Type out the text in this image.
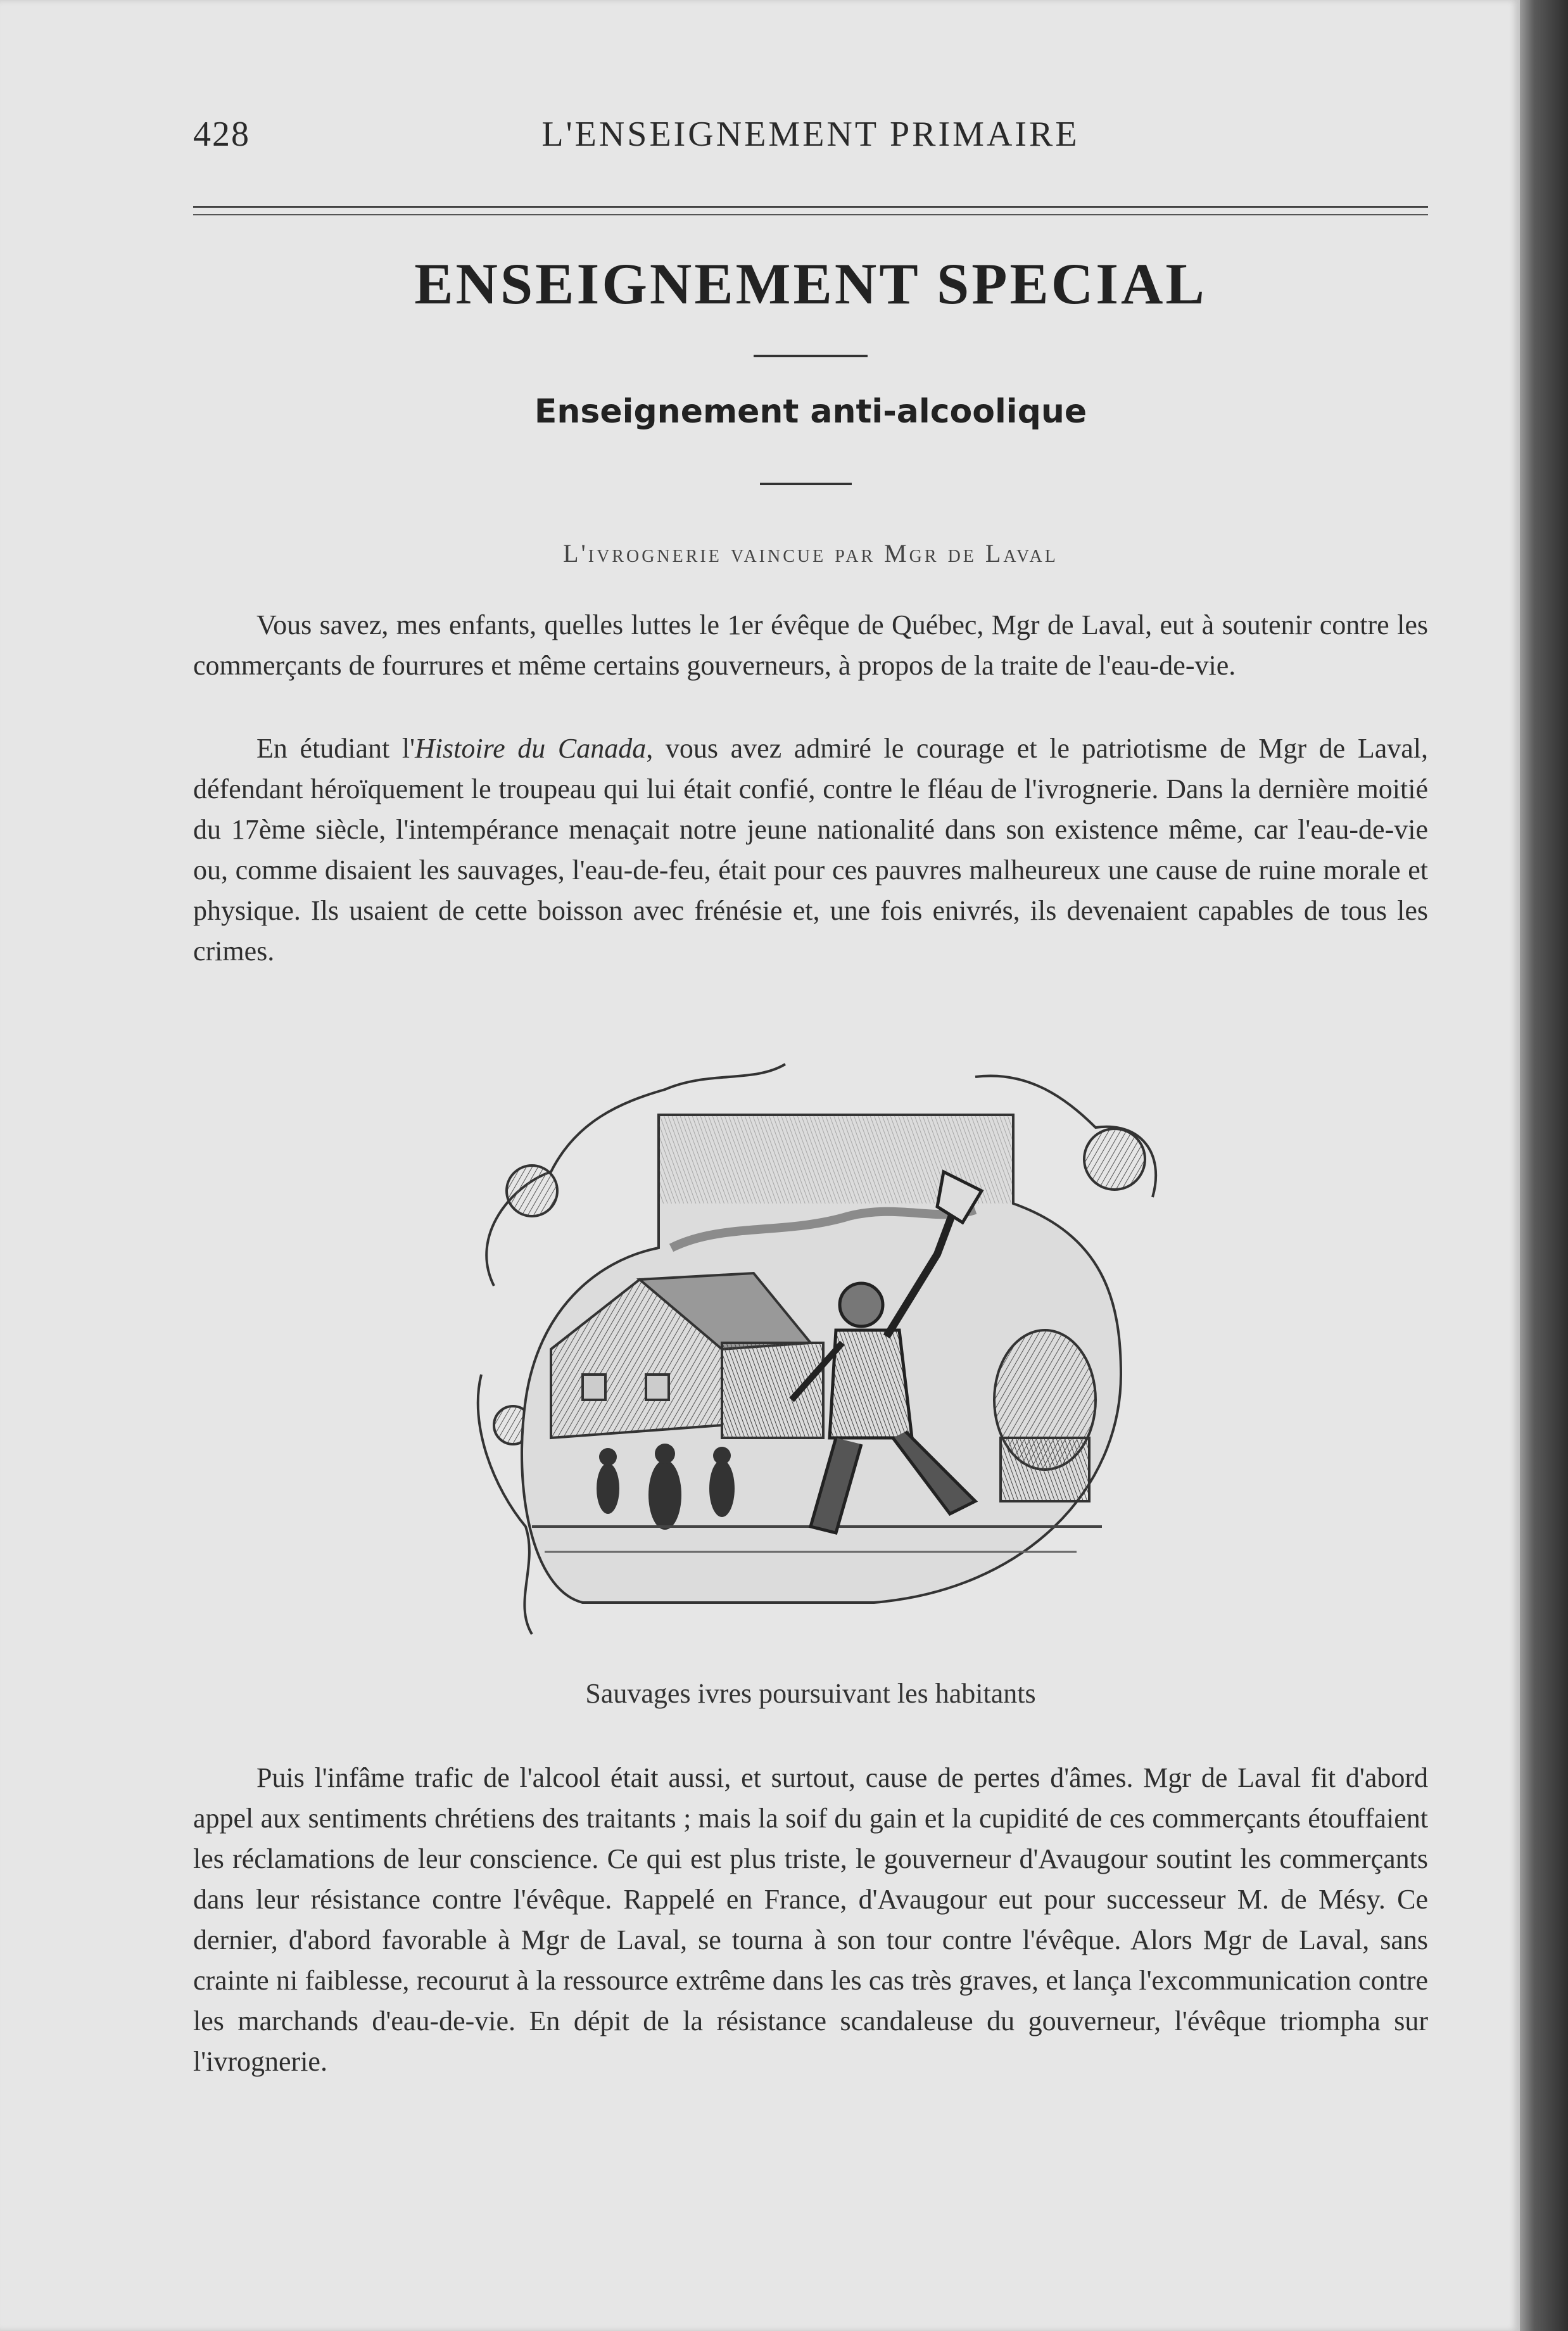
428	L'ENSEIGNEMENT PRIMAIRE
ENSEIGNEMENT SPECIAL
Enseignement anti-alcoolique
L'ivrognerie vaincue par Mgr de Laval

Vous savez, mes enfants, quelles luttes le 1er évêque de Québec, Mgr de Laval, eut à soutenir contre les commerçants de fourrures et même certains gouverneurs, à propos de la traite de l'eau-de-vie.

En étudiant l'Histoire du Canada, vous avez admiré le courage et le patriotisme de Mgr de Laval, défendant héroïquement le troupeau qui lui était confié, contre le fléau de l'ivrognerie. Dans la dernière moitié du 17ème siècle, l'intempérance menaçait notre jeune nationalité dans son existence même, car l'eau-de-vie ou, comme disaient les sauvages, l'eau-de-feu, était pour ces pauvres malheureux une cause de ruine morale et physique. Ils usaient de cette boisson avec frénésie et, une fois enivrés, ils devenaient capables de tous les crimes.

Sauvages ivres poursuivant les habitants

Puis l'infâme trafic de l'alcool était aussi, et surtout, cause de pertes d'âmes. Mgr de Laval fit d'abord appel aux sentiments chrétiens des traitants ; mais la soif du gain et la cupidité de ces commerçants étouffaient les réclamations de leur conscience. Ce qui est plus triste, le gouverneur d'Avaugour soutint les commerçants dans leur résistance contre l'évêque. Rappelé en France, d'Avaugour eut pour successeur M. de Mésy. Ce dernier, d'abord favorable à Mgr de Laval, se tourna à son tour contre l'évêque. Alors Mgr de Laval, sans crainte ni faiblesse, recourut à la ressource extrême dans les cas très graves, et lança l'excommunication contre les marchands d'eau-de-vie. En dépit de la résistance scandaleuse du gouverneur, l'évêque triompha sur l'ivrognerie.
